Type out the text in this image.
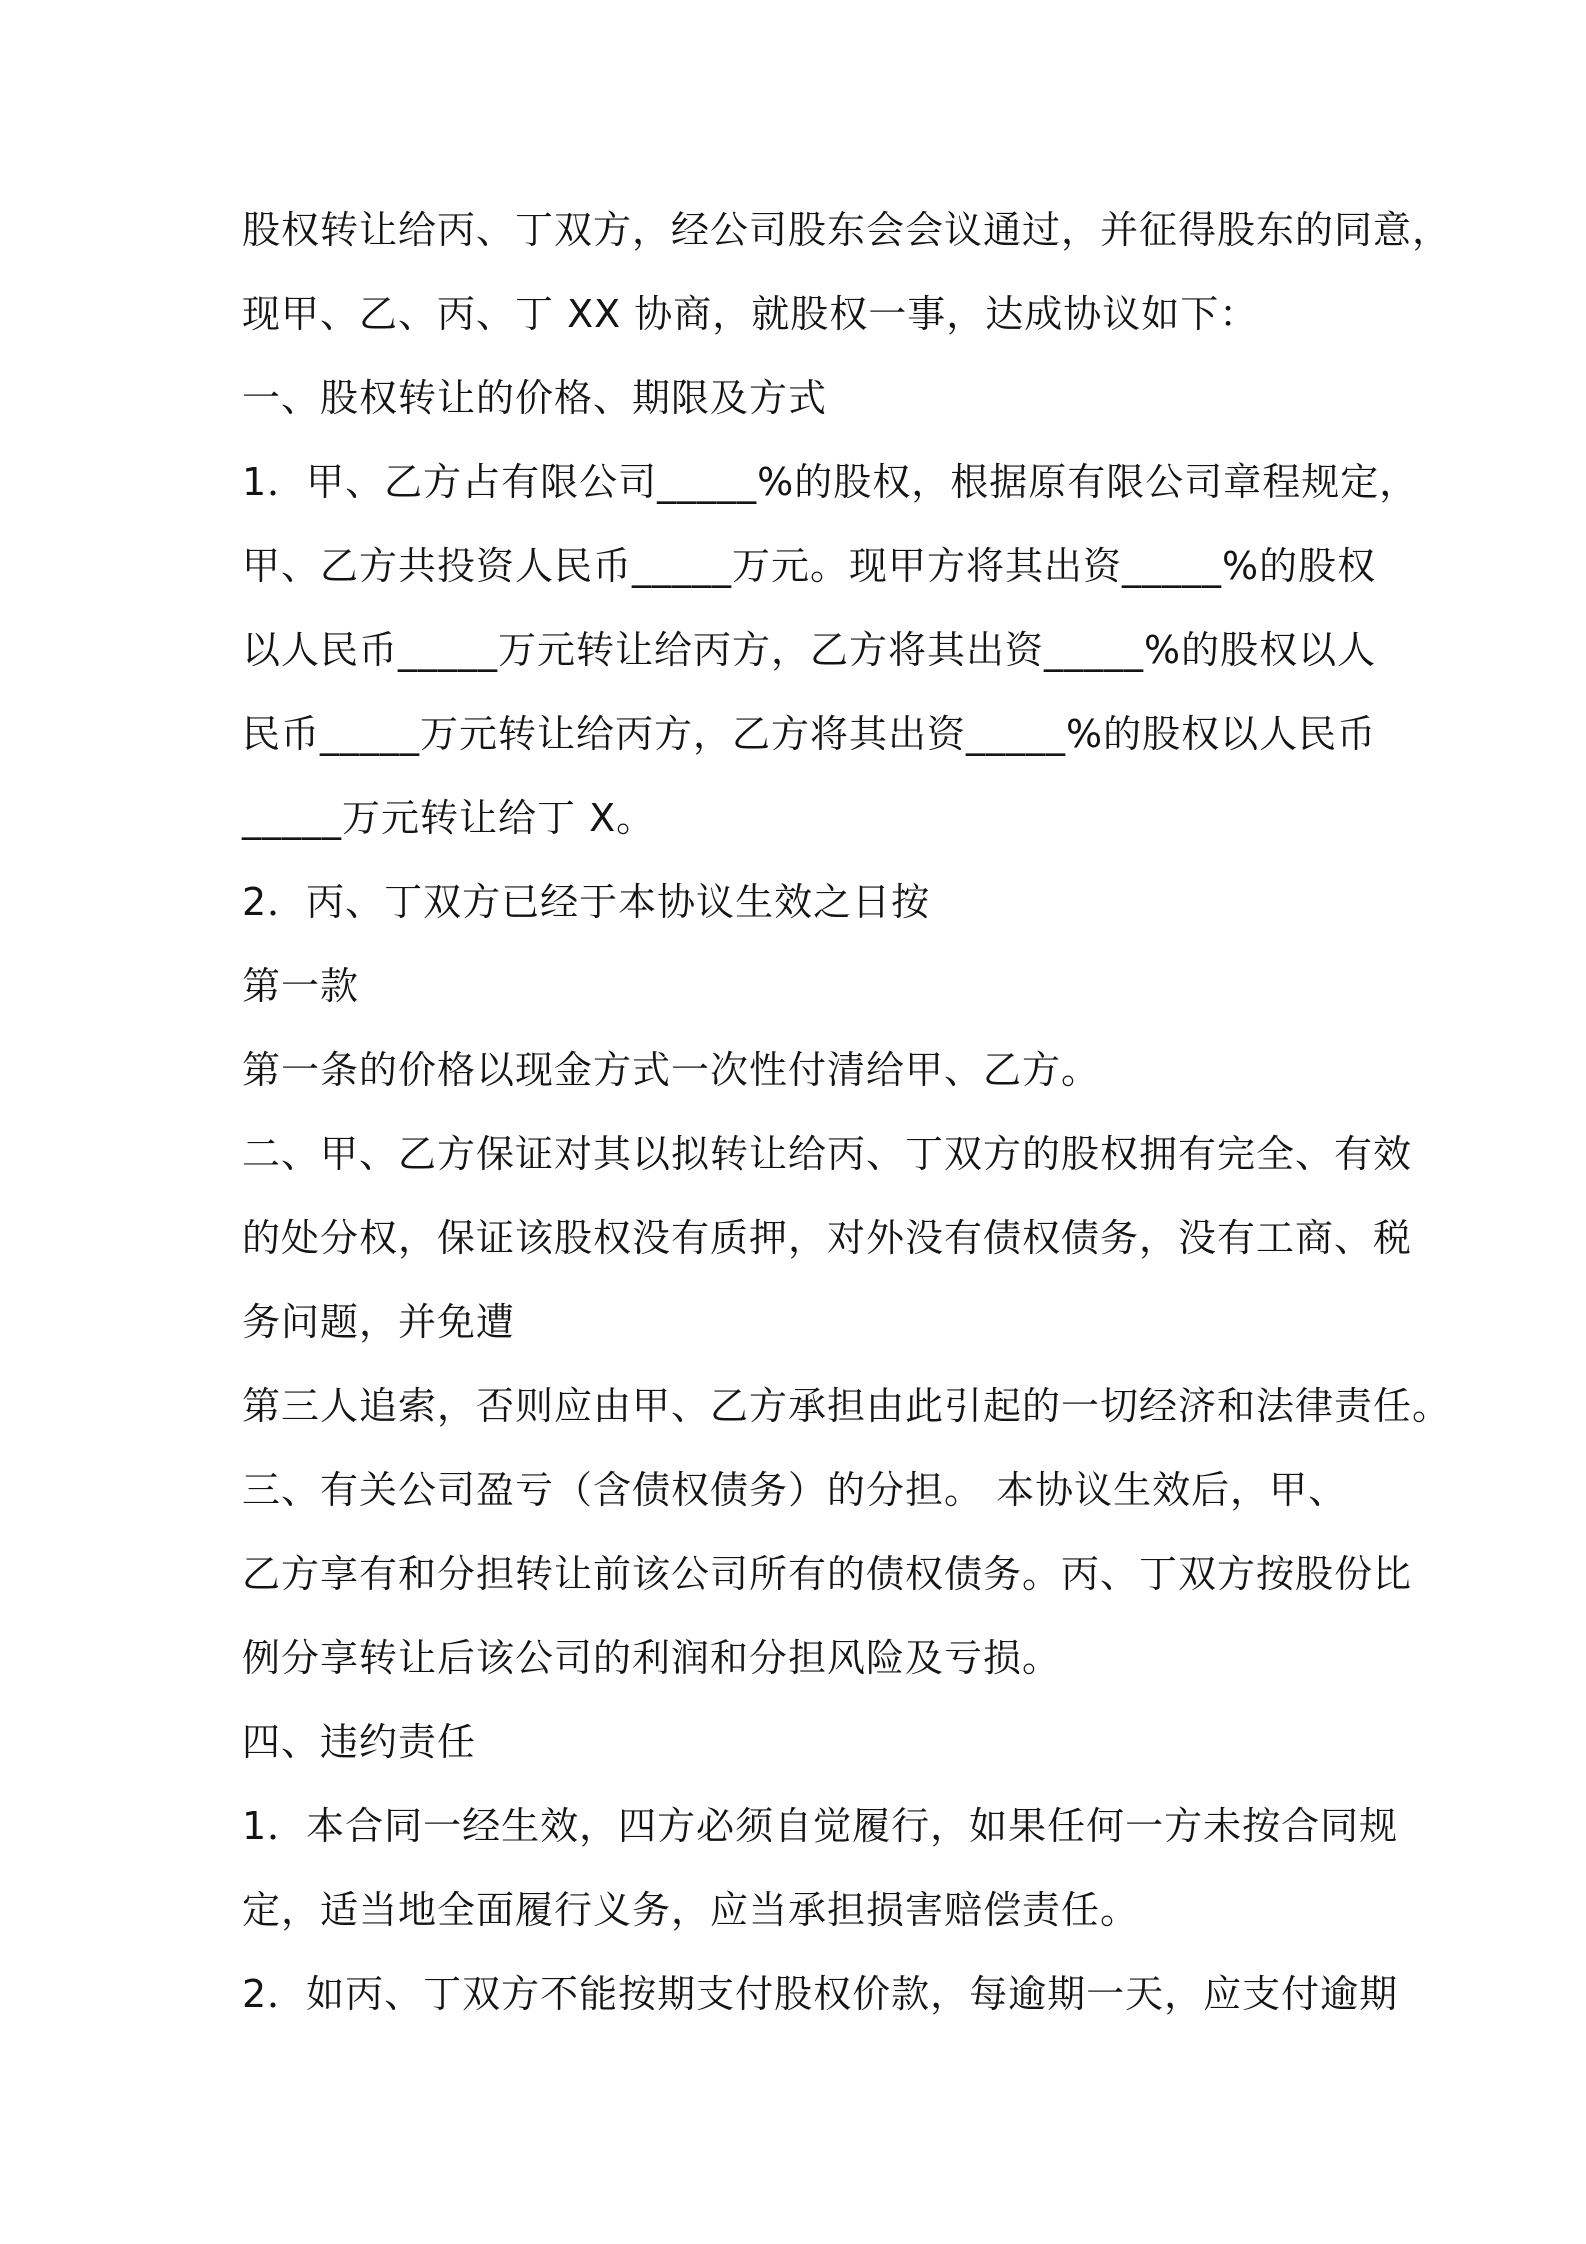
股权转让给丙、丁双方，经公司股东会会议通过，并征得股东的同意，
现甲、乙、丙、丁 XX 协商，就股权一事，达成协议如下：
一、股权转让的价格、期限及方式
1．甲、乙方占有限公司_____%的股权，根据原有限公司章程规定，
甲、乙方共投资人民币_____万元。现甲方将其出资_____%的股权
以人民币_____万元转让给丙方，乙方将其出资_____%的股权以人
民币_____万元转让给丙方，乙方将其出资_____%的股权以人民币
_____万元转让给丁 X。
2．丙、丁双方已经于本协议生效之日按
第一款
第一条的价格以现金方式一次性付清给甲、乙方。
二、甲、乙方保证对其以拟转让给丙、丁双方的股权拥有完全、有效
的处分权，保证该股权没有质押，对外没有债权债务，没有工商、税
务问题，并免遭
第三人追索，否则应由甲、乙方承担由此引起的一切经济和法律责任。
三、有关公司盈亏（含债权债务）的分担。 本协议生效后，甲、
乙方享有和分担转让前该公司所有的债权债务。丙、丁双方按股份比
例分享转让后该公司的利润和分担风险及亏损。
四、违约责任
1．本合同一经生效，四方必须自觉履行，如果任何一方未按合同规
定，适当地全面履行义务，应当承担损害赔偿责任。
2．如丙、丁双方不能按期支付股权价款，每逾期一天，应支付逾期
